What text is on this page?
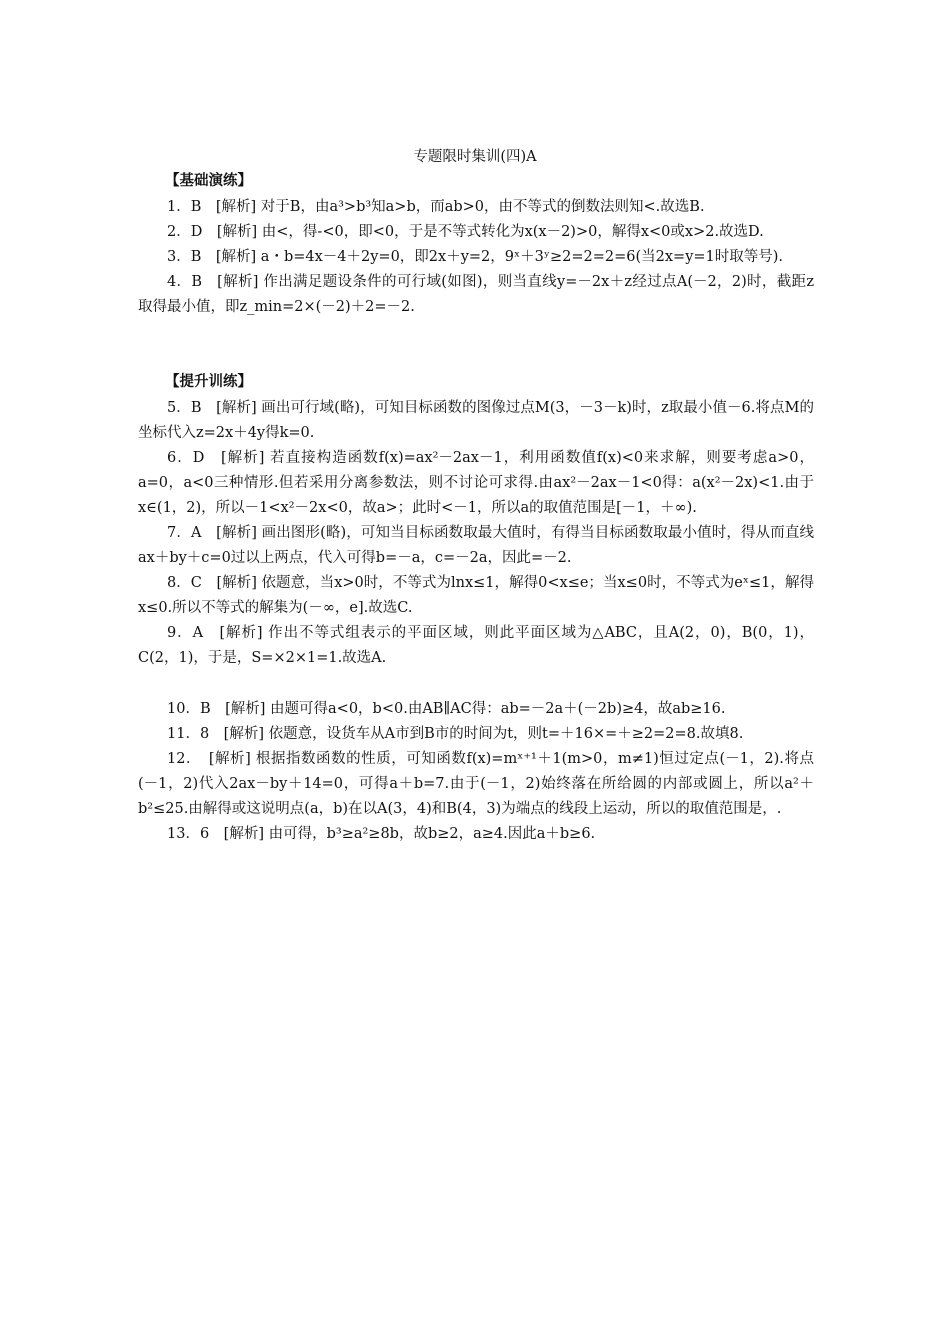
专题限时集训(四)A
【基础演练】

1．B　[解析] 对于B，由a³>b³知a>b，而ab>0，由不等式的倒数法则知<.故选B.

2．D　[解析] 由<，得-<0，即<0，于是不等式转化为x(x－2)>0，解得x<0或x>2.故选D.

3．B　[解析] a・b=4x－4＋2y=0，即2x＋y=2，9ˣ＋3ʸ≥2=2=2=6(当2x=y=1时取等号).

4．B　[解析] 作出满足题设条件的可行域(如图)，则当直线y=－2x＋z经过点A(－2，2)时，截距z取得最小值，即z_min=2×(－2)＋2=－2.

【提升训练】

5．B　[解析] 画出可行域(略)，可知目标函数的图像过点M(3，－3－k)时，z取最小值－6.将点M的坐标代入z=2x＋4y得k=0.

6．D　[解析] 若直接构造函数f(x)=ax²－2ax－1，利用函数值f(x)<0来求解，则要考虑a>0，a=0，a<0三种情形.但若采用分离参数法，则不讨论可求得.由ax²－2ax－1<0得：a(x²－2x)<1.由于x∈(1，2)，所以－1<x²－2x<0，故a>；此时<－1，所以a的取值范围是[－1，＋∞).

7．A　[解析] 画出图形(略)，可知当目标函数取最大值时，有得当目标函数取最小值时，得从而直线ax＋by＋c=0过以上两点，代入可得b=－a，c=－2a，因此=－2.

8．C　[解析] 依题意，当x>0时，不等式为lnx≤1，解得0<x≤e；当x≤0时，不等式为eˣ≤1，解得x≤0.所以不等式的解集为(－∞，e].故选C.

9．A　[解析] 作出不等式组表示的平面区域，则此平面区域为△ABC，且A(2，0)，B(0，1)，C(2，1)，于是，S=×2×1=1.故选A.

10．B　[解析] 由题可得a<0，b<0.由AB∥AC得：ab=－2a＋(－2b)≥4，故ab≥16.

11．8　[解析] 依题意，设货车从A市到B市的时间为t，则t=＋16×=＋≥2=2=8.故填8.

12．　[解析] 根据指数函数的性质，可知函数f(x)=mˣ⁺¹＋1(m>0，m≠1)恒过定点(－1，2).将点(－1，2)代入2ax－by＋14=0，可得a＋b=7.由于(－1，2)始终落在所给圆的内部或圆上，所以a²＋b²≤25.由解得或这说明点(a，b)在以A(3，4)和B(4，3)为端点的线段上运动，所以的取值范围是，.

13．6　[解析] 由可得，b³≥a²≥8b，故b≥2，a≥4.因此a＋b≥6.
